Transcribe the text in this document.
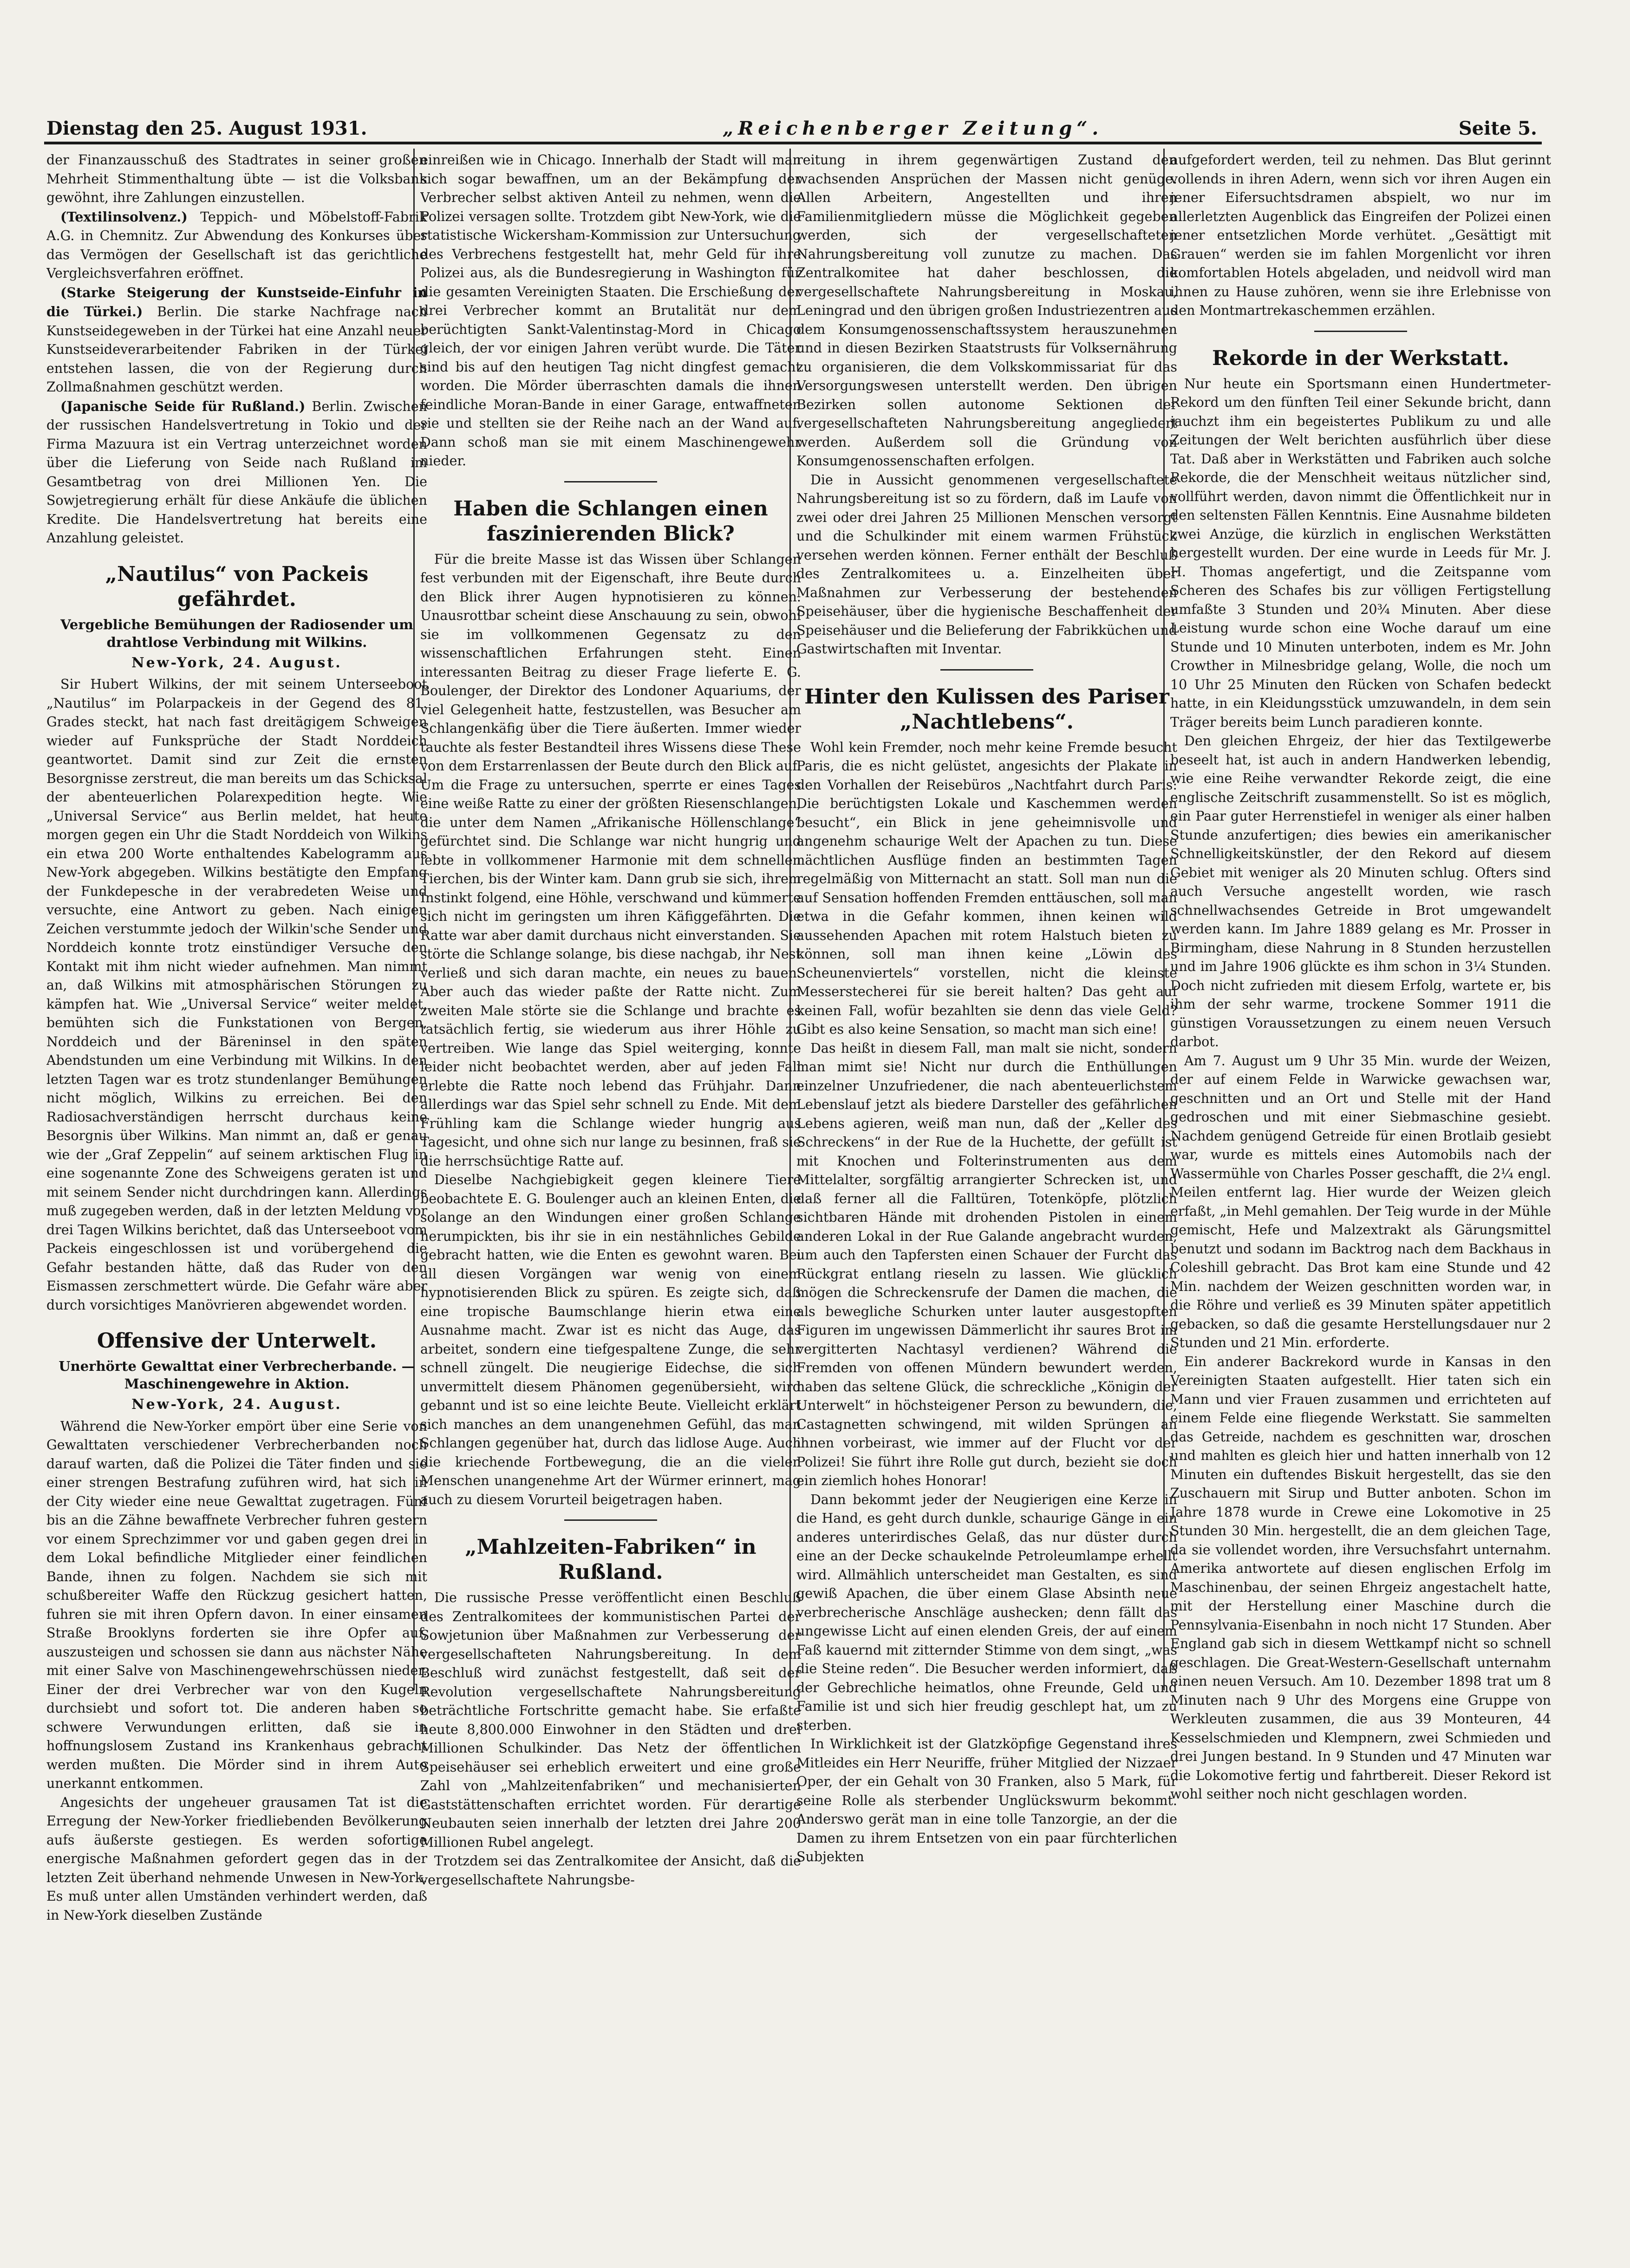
Dienstag den 25. August 1931.	„Reichenberger Zeitung“.	Seite 5.

der Finanzausschuß des Stadtrates in seiner großen Mehrheit Stimmenthaltung übte — ist die Volksbank gewöhnt, ihre Zahlungen einzustellen.

(Textilinsolvenz.) Teppich- und Möbelstoff-Fabrik A.G. in Chemnitz. Zur Abwendung des Konkurses über das Vermögen der Gesellschaft ist das gerichtliche Vergleichsverfahren eröffnet.

(Starke Steigerung der Kunstseide-Einfuhr in die Türkei.) Berlin. Die starke Nachfrage nach Kunstseidegeweben in der Türkei hat eine Anzahl neuer Kunstseideverarbeitender Fabriken in der Türkei entstehen lassen, die von der Regierung durch Zollmaßnahmen geschützt werden.

(Japanische Seide für Rußland.) Berlin. Zwischen der russischen Handelsvertretung in Tokio und der Firma Mazuura ist ein Vertrag unterzeichnet worden über die Lieferung von Seide nach Rußland im Gesamtbetrag von drei Millionen Yen. Die Sowjetregierung erhält für diese Ankäufe die üblichen Kredite. Die Handelsvertretung hat bereits eine Anzahlung geleistet.

„Nautilus“ von Packeis gefährdet.
Vergebliche Bemühungen der Radiosender um drahtlose Verbindung mit Wilkins.
New-York, 24. August.

Sir Hubert Wilkins, der mit seinem Unterseeboot „Nautilus“ im Polarpackeis in der Gegend des 81. Grades steckt, hat nach fast dreitägigem Schweigen wieder auf Funksprüche der Stadt Norddeich geantwortet. Damit sind zur Zeit die ernsten Besorgnisse zerstreut, die man bereits um das Schicksal der abenteuerlichen Polarexpedition hegte. Wie „Universal Service“ aus Berlin meldet, hat heute morgen gegen ein Uhr die Stadt Norddeich von Wilkins ein etwa 200 Worte enthaltendes Kabelogramm aus New-York abgegeben. Wilkins bestätigte den Empfang der Funkdepesche in der verabredeten Weise und versuchte, eine Antwort zu geben. Nach einigen Zeichen verstummte jedoch der Wilkin'sche Sender und Norddeich konnte trotz einstündiger Versuche den Kontakt mit ihm nicht wieder aufnehmen. Man nimmt an, daß Wilkins mit atmosphärischen Störungen zu kämpfen hat. Wie „Universal Service“ weiter meldet, bemühten sich die Funkstationen von Bergen, Norddeich und der Bäreninsel in den späten Abendstunden um eine Verbindung mit Wilkins. In den letzten Tagen war es trotz stundenlanger Bemühungen nicht möglich, Wilkins zu erreichen. Bei den Radiosachverständigen herrscht durchaus keine Besorgnis über Wilkins. Man nimmt an, daß er genau wie der „Graf Zeppelin“ auf seinem arktischen Flug in eine sogenannte Zone des Schweigens geraten ist und mit seinem Sender nicht durchdringen kann. Allerdings muß zugegeben werden, daß in der letzten Meldung vor drei Tagen Wilkins berichtet, daß das Unterseeboot vom Packeis eingeschlossen ist und vorübergehend die Gefahr bestanden hätte, daß das Ruder von den Eismassen zerschmettert würde. Die Gefahr wäre aber durch vorsichtiges Manövrieren abgewendet worden.

Offensive der Unterwelt.
Unerhörte Gewalttat einer Verbrecherbande. — Maschinengewehre in Aktion.
New-York, 24. August.

Während die New-Yorker empört über eine Serie von Gewalttaten verschiedener Verbrecherbanden noch darauf warten, daß die Polizei die Täter finden und sie einer strengen Bestrafung zuführen wird, hat sich in der City wieder eine neue Gewalttat zugetragen. Fünf bis an die Zähne bewaffnete Verbrecher fuhren gestern vor einem Sprechzimmer vor und gaben gegen drei in dem Lokal befindliche Mitglieder einer feindlichen Bande, ihnen zu folgen. Nachdem sie sich mit schußbereiter Waffe den Rückzug gesichert hatten, fuhren sie mit ihren Opfern davon. In einer einsamen Straße Brooklyns forderten sie ihre Opfer auf, auszusteigen und schossen sie dann aus nächster Nähe mit einer Salve von Maschinengewehrschüssen nieder. Einer der drei Verbrecher war von den Kugeln durchsiebt und sofort tot. Die anderen haben so schwere Verwundungen erlitten, daß sie in hoffnungslosem Zustand ins Krankenhaus gebracht werden mußten. Die Mörder sind in ihrem Auto unerkannt entkommen.

Angesichts der ungeheuer grausamen Tat ist die Erregung der New-Yorker friedliebenden Bevölkerung aufs äußerste gestiegen. Es werden sofortige energische Maßnahmen gefordert gegen das in der letzten Zeit überhand nehmende Unwesen in New-York. Es muß unter allen Umständen verhindert werden, daß in New-York dieselben Zustände

einreißen wie in Chicago. Innerhalb der Stadt will man sich sogar bewaffnen, um an der Bekämpfung der Verbrecher selbst aktiven Anteil zu nehmen, wenn die Polizei versagen sollte. Trotzdem gibt New-York, wie die statistische Wickersham-Kommission zur Untersuchung des Verbrechens festgestellt hat, mehr Geld für ihre Polizei aus, als die Bundesregierung in Washington für die gesamten Vereinigten Staaten. Die Erschießung der drei Verbrecher kommt an Brutalität nur dem berüchtigten Sankt-Valentinstag-Mord in Chicago gleich, der vor einigen Jahren verübt wurde. Die Täter sind bis auf den heutigen Tag nicht dingfest gemacht worden. Die Mörder überraschten damals die ihnen feindliche Moran-Bande in einer Garage, entwaffneten sie und stellten sie der Reihe nach an der Wand auf. Dann schoß man sie mit einem Maschinengewehr nieder.

Haben die Schlangen einen faszinierenden Blick?

Für die breite Masse ist das Wissen über Schlangen fest verbunden mit der Eigenschaft, ihre Beute durch den Blick ihrer Augen hypnotisieren zu können. Unausrottbar scheint diese Anschauung zu sein, obwohl sie im vollkommenen Gegensatz zu den wissenschaftlichen Erfahrungen steht. Einen interessanten Beitrag zu dieser Frage lieferte E. G. Boulenger, der Direktor des Londoner Aquariums, der viel Gelegenheit hatte, festzustellen, was Besucher am Schlangenkäfig über die Tiere äußerten. Immer wieder tauchte als fester Bestandteil ihres Wissens diese These von dem Erstarrenlassen der Beute durch den Blick auf. Um die Frage zu untersuchen, sperrte er eines Tages eine weiße Ratte zu einer der größten Riesenschlangen, die unter dem Namen „Afrikanische Höllenschlange“ gefürchtet sind. Die Schlange war nicht hungrig und lebte in vollkommener Harmonie mit dem schnellen Tierchen, bis der Winter kam. Dann grub sie sich, ihrem Instinkt folgend, eine Höhle, verschwand und kümmerte sich nicht im geringsten um ihren Käfiggefährten. Die Ratte war aber damit durchaus nicht einverstanden. Sie störte die Schlange solange, bis diese nachgab, ihr Nest verließ und sich daran machte, ein neues zu bauen. Aber auch das wieder paßte der Ratte nicht. Zum zweiten Male störte sie die Schlange und brachte es tatsächlich fertig, sie wiederum aus ihrer Höhle zu vertreiben. Wie lange das Spiel weiterging, konnte leider nicht beobachtet werden, aber auf jeden Fall erlebte die Ratte noch lebend das Frühjahr. Dann allerdings war das Spiel sehr schnell zu Ende. Mit dem Frühling kam die Schlange wieder hungrig aus Tagesicht, und ohne sich nur lange zu besinnen, fraß sie die herrschsüchtige Ratte auf.

Dieselbe Nachgiebigkeit gegen kleinere Tiere beobachtete E. G. Boulenger auch an kleinen Enten, die solange an den Windungen einer großen Schlange herumpickten, bis ihr sie in ein nestähnliches Gebilde gebracht hatten, wie die Enten es gewohnt waren. Bei all diesen Vorgängen war wenig von einem hypnotisierenden Blick zu spüren. Es zeigte sich, daß eine tropische Baumschlange hierin etwa eine Ausnahme macht. Zwar ist es nicht das Auge, das arbeitet, sondern eine tiefgespaltene Zunge, die sehr schnell züngelt. Die neugierige Eidechse, die sich unvermittelt diesem Phänomen gegenübersieht, wird gebannt und ist so eine leichte Beute. Vielleicht erklärt sich manches an dem unangenehmen Gefühl, das man Schlangen gegenüber hat, durch das lidlose Auge. Auch die kriechende Fortbewegung, die an die vielen Menschen unangenehme Art der Würmer erinnert, mag auch zu diesem Vorurteil beigetragen haben.

„Mahlzeiten-Fabriken“ in Rußland.

Die russische Presse veröffentlicht einen Beschluß des Zentralkomitees der kommunistischen Partei der Sowjetunion über Maßnahmen zur Verbesserung der vergesellschafteten Nahrungsbereitung. In dem Beschluß wird zunächst festgestellt, daß seit der Revolution vergesellschaftete Nahrungsbereitung beträchtliche Fortschritte gemacht habe. Sie erfaßte heute 8,800.000 Einwohner in den Städten und drei Millionen Schulkinder. Das Netz der öffentlichen Speisehäuser sei erheblich erweitert und eine große Zahl von „Mahlzeitenfabriken“ und mechanisierten Gaststättenschaften errichtet worden. Für derartige Neubauten seien innerhalb der letzten drei Jahre 200 Millionen Rubel angelegt.

Trotzdem sei das Zentralkomitee der Ansicht, daß die vergesellschaftete Nahrungsbe-

reitung in ihrem gegenwärtigen Zustand den wachsenden Ansprüchen der Massen nicht genüge. Allen Arbeitern, Angestellten und ihren Familienmitgliedern müsse die Möglichkeit gegeben werden, sich der vergesellschafteten Nahrungsbereitung voll zunutze zu machen. Das Zentralkomitee hat daher beschlossen, die vergesellschaftete Nahrungsbereitung in Moskau, Leningrad und den übrigen großen Industriezentren aus dem Konsumgenossenschaftssystem herauszunehmen und in diesen Bezirken Staatstrusts für Volksernährung zu organisieren, die dem Volkskommissariat für das Versorgungswesen unterstellt werden. Den übrigen Bezirken sollen autonome Sektionen der vergesellschafteten Nahrungsbereitung angegliedert werden. Außerdem soll die Gründung von Konsumgenossenschaften erfolgen.

Die in Aussicht genommenen vergesellschaftete Nahrungsbereitung ist so zu fördern, daß im Laufe von zwei oder drei Jahren 25 Millionen Menschen versorgt und die Schulkinder mit einem warmen Frühstück versehen werden können. Ferner enthält der Beschluß des Zentralkomitees u. a. Einzelheiten über Maßnahmen zur Verbesserung der bestehenden Speisehäuser, über die hygienische Beschaffenheit der Speisehäuser und die Belieferung der Fabrikküchen und Gastwirtschaften mit Inventar.

Hinter den Kulissen des Pariser „Nachtlebens“.

Wohl kein Fremder, noch mehr keine Fremde besucht Paris, die es nicht gelüstet, angesichts der Plakate in den Vorhallen der Reisebüros „Nachtfahrt durch Paris: Die berüchtigsten Lokale und Kaschemmen werden besucht“, ein Blick in jene geheimnisvolle und angenehm schaurige Welt der Apachen zu tun. Diese nächtlichen Ausflüge finden an bestimmten Tagen regelmäßig von Mitternacht an statt. Soll man nun die auf Sensation hoffenden Fremden enttäuschen, soll man etwa in die Gefahr kommen, ihnen keinen wild aussehenden Apachen mit rotem Halstuch bieten zu können, soll man ihnen keine „Löwin des Scheunenviertels“ vorstellen, nicht die kleinste Messerstecherei für sie bereit halten? Das geht auf keinen Fall, wofür bezahlten sie denn das viele Geld? Gibt es also keine Sensation, so macht man sich eine!

Das heißt in diesem Fall, man malt sie nicht, sondern man mimt sie! Nicht nur durch die Enthüllungen einzelner Unzufriedener, die nach abenteuerlichstem Lebenslauf jetzt als biedere Darsteller des gefährlichen Lebens agieren, weiß man nun, daß der „Keller des Schreckens“ in der Rue de la Huchette, der gefüllt ist mit Knochen und Folterinstrumenten aus dem Mittelalter, sorgfältig arrangierter Schrecken ist, und daß ferner all die Falltüren, Totenköpfe, plötzlich sichtbaren Hände mit drohenden Pistolen in einem anderen Lokal in der Rue Galande angebracht wurden, um auch den Tapfersten einen Schauer der Furcht das Rückgrat entlang rieseln zu lassen. Wie glücklich mögen die Schreckensrufe der Damen die machen, die als bewegliche Schurken unter lauter ausgestopften Figuren im ungewissen Dämmerlicht ihr saures Brot im vergitterten Nachtasyl verdienen? Während die Fremden von offenen Mündern bewundert werden, haben das seltene Glück, die schreckliche „Königin der Unterwelt“ in höchsteigener Person zu bewundern, die, Castagnetten schwingend, mit wilden Sprüngen an ihnen vorbeirast, wie immer auf der Flucht vor der Polizei! Sie führt ihre Rolle gut durch, bezieht sie doch ein ziemlich hohes Honorar!

Dann bekommt jeder der Neugierigen eine Kerze in die Hand, es geht durch dunkle, schaurige Gänge in ein anderes unterirdisches Gelaß, das nur düster durch eine an der Decke schaukelnde Petroleumlampe erhellt wird. Allmählich unterscheidet man Gestalten, es sind gewiß Apachen, die über einem Glase Absinth neue verbrecherische Anschläge aushecken; denn fällt das ungewisse Licht auf einen elenden Greis, der auf einem Faß kauernd mit zitternder Stimme von dem singt, „was die Steine reden“. Die Besucher werden informiert, daß der Gebrechliche heimatlos, ohne Freunde, Geld und Familie ist und sich hier freudig geschlept hat, um zu sterben.

In Wirklichkeit ist der Glatzköpfige Gegenstand ihres Mitleides ein Herr Neuriffe, früher Mitglied der Nizzaer Oper, der ein Gehalt von 30 Franken, also 5 Mark, für seine Rolle als sterbender Unglückswurm bekommt. Anderswo gerät man in eine tolle Tanzorgie, an der die Damen zu ihrem Entsetzen von ein paar fürchterlichen Subjekten

aufgefordert werden, teil zu nehmen. Das Blut gerinnt vollends in ihren Adern, wenn sich vor ihren Augen ein jener Eifersuchtsdramen abspielt, wo nur im allerletzten Augenblick das Eingreifen der Polizei einen jener entsetzlichen Morde verhütet. „Gesättigt mit Grauen“ werden sie im fahlen Morgenlicht vor ihren komfortablen Hotels abgeladen, und neidvoll wird man ihnen zu Hause zuhören, wenn sie ihre Erlebnisse von den Montmartrekaschemmen erzählen.

Rekorde in der Werkstatt.

Nur heute ein Sportsmann einen Hundertmeter-Rekord um den fünften Teil einer Sekunde bricht, dann jauchzt ihm ein begeistertes Publikum zu und alle Zeitungen der Welt berichten ausführlich über diese Tat. Daß aber in Werkstätten und Fabriken auch solche Rekorde, die der Menschheit weitaus nützlicher sind, vollführt werden, davon nimmt die Öffentlichkeit nur in den seltensten Fällen Kenntnis. Eine Ausnahme bildeten zwei Anzüge, die kürzlich in englischen Werkstätten hergestellt wurden. Der eine wurde in Leeds für Mr. J. H. Thomas angefertigt, und die Zeitspanne vom Scheren des Schafes bis zur völligen Fertigstellung umfaßte 3 Stunden und 20¾ Minuten. Aber diese Leistung wurde schon eine Woche darauf um eine Stunde und 10 Minuten unterboten, indem es Mr. John Crowther in Milnesbridge gelang, Wolle, die noch um 10 Uhr 25 Minuten den Rücken von Schafen bedeckt hatte, in ein Kleidungsstück umzuwandeln, in dem sein Träger bereits beim Lunch paradieren konnte.

Den gleichen Ehrgeiz, der hier das Textilgewerbe beseelt hat, ist auch in andern Handwerken lebendig, wie eine Reihe verwandter Rekorde zeigt, die eine englische Zeitschrift zusammenstellt. So ist es möglich, ein Paar guter Herrenstiefel in weniger als einer halben Stunde anzufertigen; dies bewies ein amerikanischer Schnelligkeitskünstler, der den Rekord auf diesem Gebiet mit weniger als 20 Minuten schlug. Ofters sind auch Versuche angestellt worden, wie rasch schnellwachsendes Getreide in Brot umgewandelt werden kann. Im Jahre 1889 gelang es Mr. Prosser in Birmingham, diese Nahrung in 8 Stunden herzustellen und im Jahre 1906 glückte es ihm schon in 3¼ Stunden. Doch nicht zufrieden mit diesem Erfolg, wartete er, bis ihm der sehr warme, trockene Sommer 1911 die günstigen Voraussetzungen zu einem neuen Versuch darbot.

Am 7. August um 9 Uhr 35 Min. wurde der Weizen, der auf einem Felde in Warwicke gewachsen war, geschnitten und an Ort und Stelle mit der Hand gedroschen und mit einer Siebmaschine gesiebt. Nachdem genügend Getreide für einen Brotlaib gesiebt war, wurde es mittels eines Automobils nach der Wassermühle von Charles Posser geschafft, die 2¼ engl. Meilen entfernt lag. Hier wurde der Weizen gleich erfaßt, „in Mehl gemahlen. Der Teig wurde in der Mühle gemischt, Hefe und Malzextrakt als Gärungsmittel benutzt und sodann im Backtrog nach dem Backhaus in Coleshill gebracht. Das Brot kam eine Stunde und 42 Min. nachdem der Weizen geschnitten worden war, in die Röhre und verließ es 39 Minuten später appetitlich gebacken, so daß die gesamte Herstellungsdauer nur 2 Stunden und 21 Min. erforderte.

Ein anderer Backrekord wurde in Kansas in den Vereinigten Staaten aufgestellt. Hier taten sich ein Mann und vier Frauen zusammen und errichteten auf einem Felde eine fliegende Werkstatt. Sie sammelten das Getreide, nachdem es geschnitten war, droschen und mahlten es gleich hier und hatten innerhalb von 12 Minuten ein duftendes Biskuit hergestellt, das sie den Zuschauern mit Sirup und Butter anboten. Schon im Jahre 1878 wurde in Crewe eine Lokomotive in 25 Stunden 30 Min. hergestellt, die an dem gleichen Tage, da sie vollendet worden, ihre Versuchsfahrt unternahm. Amerika antwortete auf diesen englischen Erfolg im Maschinenbau, der seinen Ehrgeiz angestachelt hatte, mit der Herstellung einer Maschine durch die Pennsylvania-Eisenbahn in noch nicht 17 Stunden. Aber England gab sich in diesem Wettkampf nicht so schnell geschlagen. Die Great-Western-Gesellschaft unternahm einen neuen Versuch. Am 10. Dezember 1898 trat um 8 Minuten nach 9 Uhr des Morgens eine Gruppe von Werkleuten zusammen, die aus 39 Monteuren, 44 Kesselschmieden und Klempnern, zwei Schmieden und drei Jungen bestand. In 9 Stunden und 47 Minuten war die Lokomotive fertig und fahrtbereit. Dieser Rekord ist wohl seither noch nicht geschlagen worden.
